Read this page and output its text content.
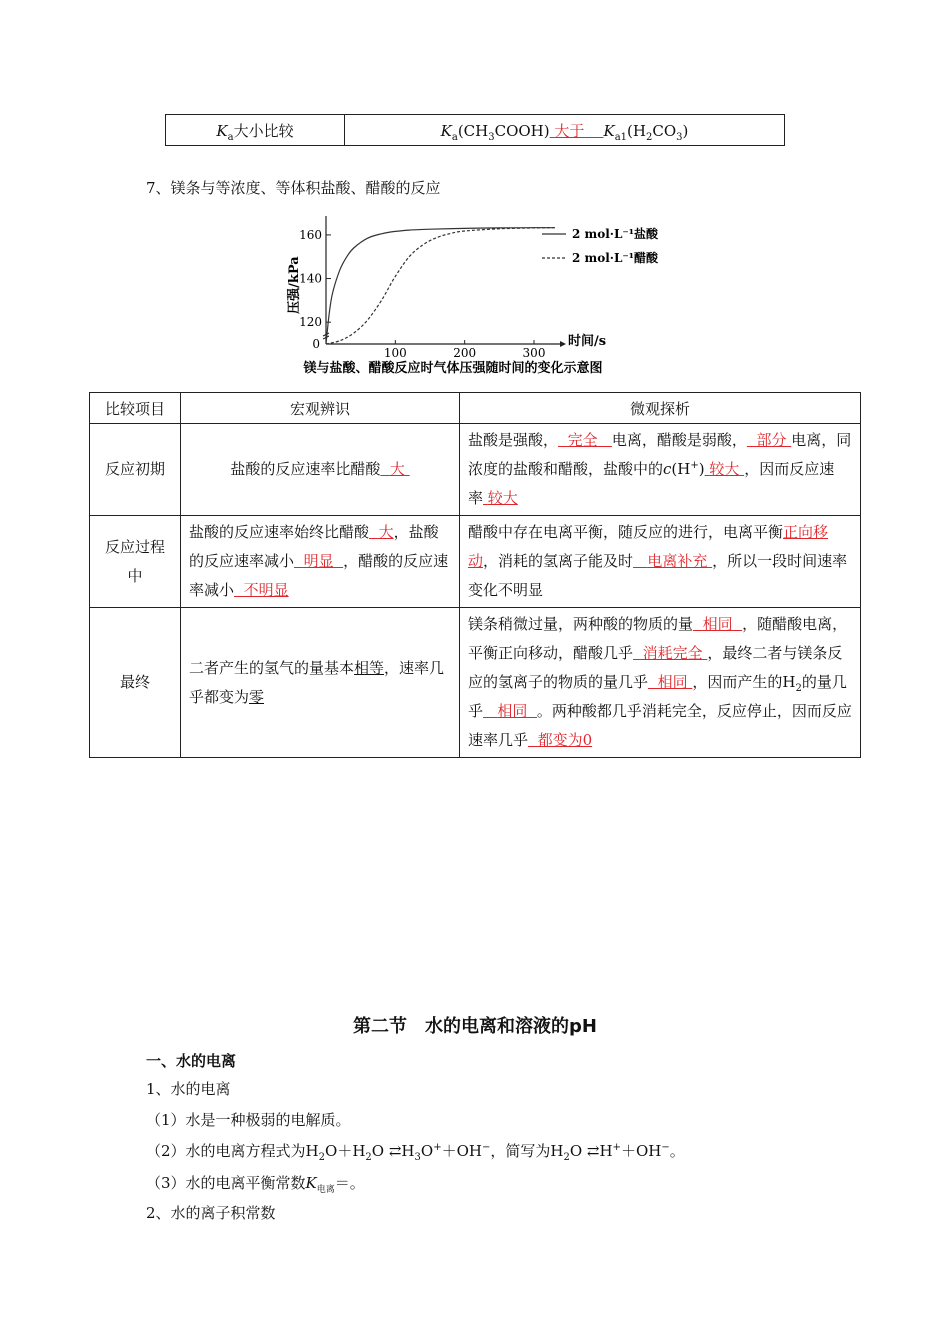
$K_a$大小比较	$K_a(CH_3COOH)$ 大于 $K_{a1}(H_2CO_3)$
7、镁条与等浓度、等体积盐酸、醋酸的反应
160
140
120
0
100	200	300
时间/s
压强/kPa
2 mol·L⁻¹盐酸
2 mol·L⁻¹醋酸
镁与盐酸、醋酸反应时气体压强随时间的变化示意图
比较项目	宏观辨识	微观探析
反应初期	盐酸的反应速率比醋酸 大	盐酸是强酸， 完全 电离，醋酸是弱酸， 部分 电离，同浓度的盐酸和醋酸，盐酸中的c(H+) 较大 ，因而反应速率 较大
反应过程中	盐酸的反应速率始终比醋酸 大，盐酸的反应速率减小 明显 ，醋酸的反应速率减小 不明显	醋酸中存在电离平衡，随反应的进行，电离平衡正向移动，消耗的氢离子能及时 电离补充 ，所以一段时间速率变化不明显
最终	二者产生的氢气的量基本相等，速率几乎都变为零	镁条稍微过量，两种酸的物质的量 相同 ，随醋酸电离，平衡正向移动，醋酸几乎 消耗完全 ，最终二者与镁条反应的氢离子的物质的量几乎 相同 ，因而产生的$H_2$的量几乎 相同 。两种酸都几乎消耗完全，反应停止，因而反应速率几乎 都变为0
第二节　水的电离和溶液的pH
一、水的电离
1、水的电离
（1）水是一种极弱的电解质。
（2）水的电离方程式为$H_2O+H_2O$ $⇄H_3O^++OH^-$，简写为$H_2O$ ⇄H+＋OH−。
（3）水的电离平衡常数$K_{电离}=$。
2、水的离子积常数
